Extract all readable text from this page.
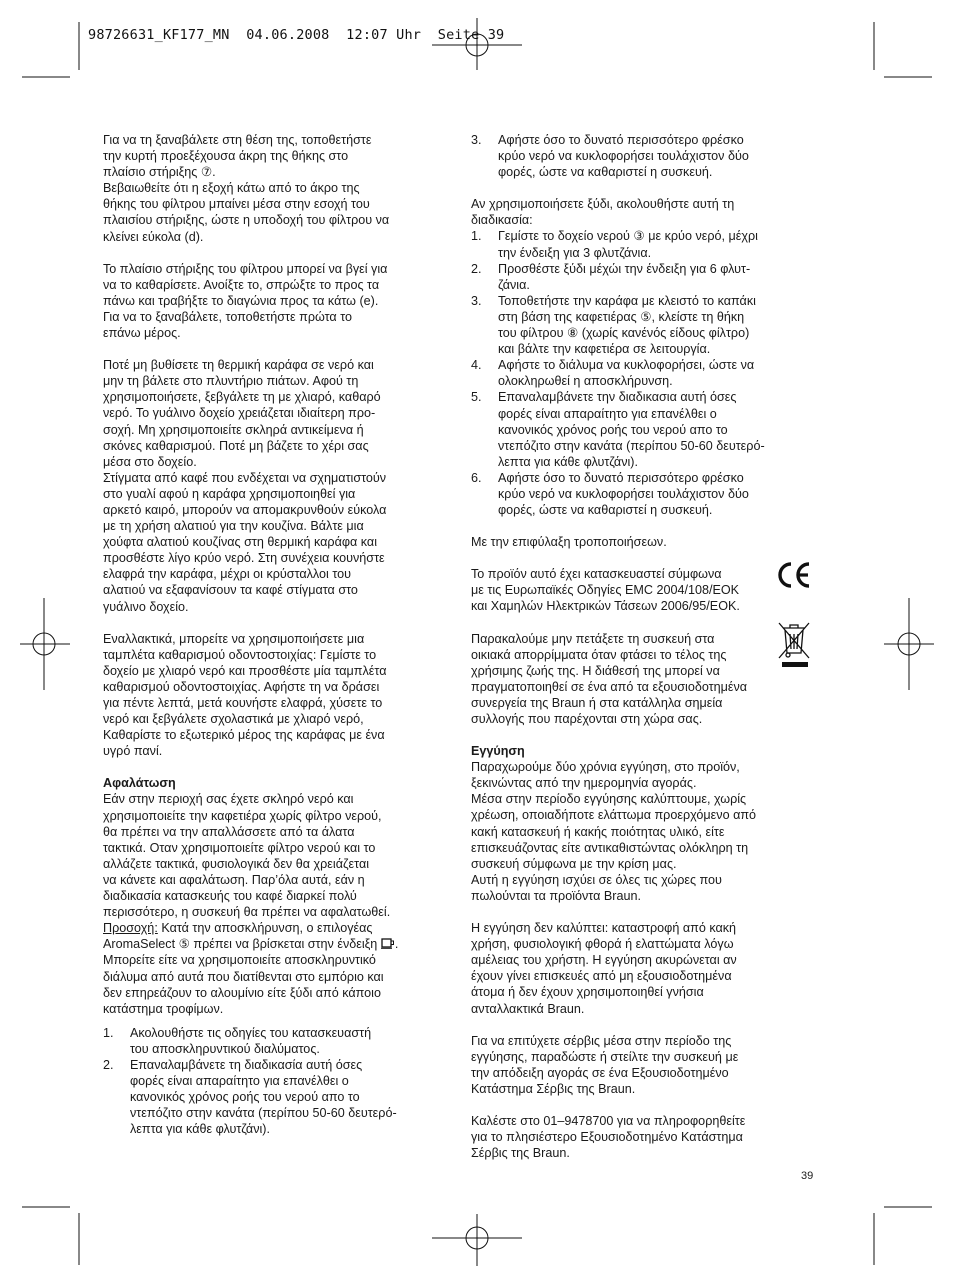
98726631_KF177_MN  04.06.2008  12:07 Uhr  Seite 39

Για να τη ξαναβάλετε στη θέση της, τοποθετήστε
την κυρτή προεξέχουσα άκρη της θήκης στο
πλαίσιο στήριξης ⑦.
Βεβαιωθείτε ότι η εξοχή κάτω από το άκρο της
θήκης του φίλτρου μπαίνει μέσα στην εσοχή του
πλαισίου στήριξης, ώστε η υποδοχή του φίλτρου να
κλείνει εύκολα (d).

Το πλαίσιο στήριξης του φίλτρου μπορεί να βγεί για
να το καθαρίσετε. Ανοίξτε το, σπρώξτε το προς τα
πάνω και τραβήξτε το διαγώνια προς τα κάτω (e).
Για να το ξαναβάλετε, τοποθετήστε πρώτα το
επάνω μέρος.

Ποτέ μη βυθίσετε τη θερμική καράφα σε νερό και
μην τη βάλετε στο πλυντήριο πιάτων. Αφού τη
χρησιμοποιήσετε, ξεβγάλετε τη με χλιαρό, καθαρό
νερό. Το γυάλινο δοχείο χρειάζεται ιδιαίτερη προ-
σοχή. Μη χρησιμοποιείτε σκληρά αντικείμενα ή
σκόνες καθαρισμού. Ποτέ μη βάζετε το χέρι σας
μέσα στο δοχείο.
Στίγματα από καφέ που ενδέχεται να σχηματιστούν
στο γυαλί αφού η καράφα χρησιμοποιηθεί για
αρκετό καιρό, μπορούν να απομακρυνθούν εύκολα
με τη χρήση αλατιού για την κουζίνα. Βάλτε μια
χούφτα αλατιού κουζίνας στη θερμική καράφα και
προσθέστε λίγο κρύο νερό. Στη συνέχεια κουνήστε
ελαφρά την καράφα, μέχρι οι κρύσταλλοι του
αλατιού να εξαφανίσουν τα καφέ στίγματα στο
γυάλινο δοχείο.

Εναλλακτικά, μπορείτε να χρησιμοποιήσετε μια
ταμπλέτα καθαρισμού οδοντοστοιχίας: Γεμίστε το
δοχείο με χλιαρό νερό και προσθέστε μία ταμπλέτα
καθαρισμού οδοντοστοιχίας. Αφήστε τη να δράσει
για πέντε λεπτά, μετά κουνήστε ελαφρά, χύσετε το
νερό και ξεβγάλετε σχολαστικά με χλιαρό νερό,
Καθαρίστε το εξωτερικό μέρος της καράφας με ένα
υγρό πανί.

Αφαλάτωση
Εάν στην περιοχή σας έχετε σκληρό νερό και
χρησιμοποιείτε την καφετιέρα χωρίς φίλτρο νερού,
θα πρέπει να την απαλλάσσετε από τα άλατα
τακτικά. Οταν χρησιμοποιείτε φίλτρο νερού και το
αλλάζετε τακτικά, φυσιολογικά δεν θα χρειάζεται
να κάνετε και αφαλάτωση. Παρ’όλα αυτά, εάν η
διαδικασία κατασκευής του καφέ διαρκεί πολύ
περισσότερο, η συσκευή θα πρέπει να αφαλατωθεί.
Προσοχή: Κατά την αποσκλήρυνση, ο επιλογέας
AromaSelect ⑤ πρέπει να βρίσκεται στην ένδειξη .
Μπορείτε είτε να χρησιμοποιείτε αποσκληρυντικό
διάλυμα από αυτά που διατίθενται στο εμπόριο και
δεν επηρεάζουν το αλουμίνιο είτε ξύδι από κάποιο
κατάστημα τροφίμων.

1. Ακολουθήστε τις οδηγίες του κατασκευαστή
του αποσκληρυντικού διαλύματος.
2. Επαναλαμβάνετε τη διαδικασία αυτή όσες
φορές είναι απαραίτητο για επανέλθει ο
κανονικός χρόνος ροής του νερού απο το
ντεπόζιτο στην κανάτα (περίπου 50-60 δευτερό-
λεπτα για κάθε φλυτζάνι).
3. Αφήστε όσο το δυνατό περισσότερο φρέσκο
κρύο νερό να κυκλοφορήσει τουλάχιστον δύο
φορές, ώστε να καθαριστεί η συσκευή.

Αν χρησιμοποιήσετε ξύδι, ακολουθήστε αυτή τη
διαδικασία:

1. Γεμίστε το δοχείο νερού ③ με κρύο νερό, μέχρι
την ένδειξη για 3 φλυτζάνια.
2. Προσθέστε ξύδι μέχώι την ένδειξη για 6 φλυτ-
ζάνια.
3. Τοποθετήστε την καράφα με κλειστό το καπάκι
στη βάση της καφετιέρας ⑤, κλείστε τη θήκη
του φίλτρου ⑧ (χωρίς κανένός είδους φίλτρο)
και βάλτε την καφετιέρα σε λειτουργία.
4. Αφήστε το διάλυμα να κυκλοφορήσει, ώστε να
ολοκληρωθεί η αποσκλήρυνση.
5. Επαναλαμβάνετε την διαδικασια αυτή όσες
φορές είναι απαραίτητο για επανέλθει ο
κανονικός χρόνος ροής του νερού απο το
ντεπόζιτο στην κανάτα (περίπου 50-60 δευτερό-
λεπτα για κάθε φλυτζάνι).
6. Αφήστε όσο το δυνατό περισσότερο φρέσκο
κρύο νερό να κυκλοφορήσει τουλάχιστον δύο
φορές, ώστε να καθαριστεί η συσκευή.

Με την επιφύλαξη τροποποιήσεων.

Το προϊόν αυτό έχει κατασκευαστεί σύμφωνα
με τις Ευρωπαϊκές Οδηγίες EMC 2004/108/ΕΟΚ
και Χαμηλών Ηλεκτρικών Τάσεων 2006/95/ΕΟΚ.

Παρακαλούμε μην πετάξετε τη συσκευή στα
οικιακά απορρίμματα όταν φτάσει το τέλος της
χρήσιμης ζωής της. Η διάθεσή της μπορεί να
πραγματοποιηθεί σε ένα από τα εξουσιοδοτημένα
συνεργεία της Braun ή στα κατάλληλα σημεία
συλλογής που παρέχονται στη χώρα σας.

Εγγύηση
Παραχωρούμε δύο χρόνια εγγύηση, στο προϊόν,
ξεκινώντας από την ημερομηνία αγοράς.
Μέσα στην περίοδο εγγύησης καλύπτουμε, χωρίς
χρέωση, οποιαδήποτε ελάττωμα προερχόμενο από
κακή κατασκευή ή κακής ποιότητας υλικό, είτε
επισκευάζοντας είτε αντικαθιστώντας ολόκληρη τη
συσκευή σύμφωνα με την κρίση μας.
Αυτή η εγγύηση ισχύει σε όλες τις χώρες που
πωλούνται τα προϊόντα Braun.

Η εγγύηση δεν καλύπτει: καταστροφή από κακή
χρήση, φυσιολογική φθορά ή ελαττώματα λόγω
αμέλειας του χρήστη. Η εγγύηση ακυρώνεται αν
έχουν γίνει επισκευές από μη εξουσιοδοτημένα
άτομα ή δεν έχουν χρησιμοποιηθεί γνήσια
ανταλλακτικά Braun.

Για να επιτύχετε σέρβις μέσα στην περίοδο της
εγγύησης, παραδώστε ή στείλτε την συσκευή με
την απόδειξη αγοράς σε ένα Εξουσιοδοτημένο
Κατάστημα Σέρβις της Braun.

Καλέστε στο 01–9478700 για να πληροφορηθείτε
για το πλησιέστερο Εξουσιοδοτημένο Κατάστημα
Σέρβις της Braun.

39
